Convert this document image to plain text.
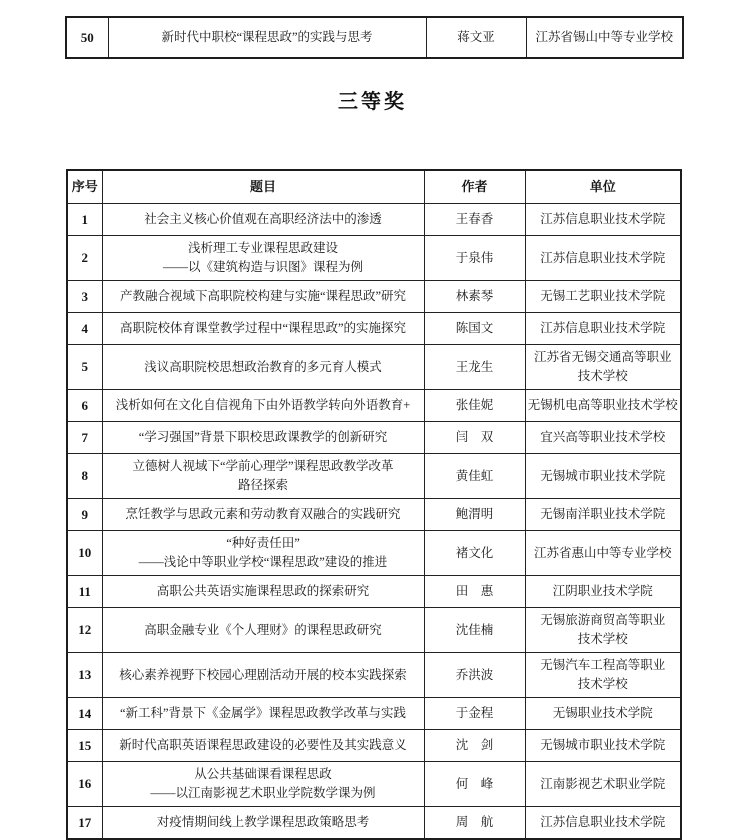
50	新时代中职校“课程思政”的实践与思考	蒋文亚	江苏省锡山中等专业学校
三等奖
序号	题目	作者	单位

1	社会主义核心价值观在高职经济法中的渗透	王春香	江苏信息职业技术学院

2	浅析理工专业课程思政建设
——以《建筑构造与识图》课程为例	于泉伟	江苏信息职业技术学院

3	产教融合视域下高职院校构建与实施“课程思政”研究	林素琴	无锡工艺职业技术学院

4	高职院校体育课堂教学过程中“课程思政”的实施探究	陈国文	江苏信息职业技术学院

5	浅议高职院校思想政治教育的多元育人模式	王龙生	江苏省无锡交通高等职业
技术学校

6	浅析如何在文化自信视角下由外语教学转向外语教育+	张佳妮	无锡机电高等职业技术学校

7	“学习强国”背景下职校思政课教学的创新研究	闫　双	宜兴高等职业技术学校

8	立德树人视域下“学前心理学”课程思政教学改革
路径探索	黄佳虹	无锡城市职业技术学院

9	烹饪教学与思政元素和劳动教育双融合的实践研究	鲍渭明	无锡南洋职业技术学院

10	“种好责任田”
——浅论中等职业学校“课程思政”建设的推进	褚文化	江苏省惠山中等专业学校

11	高职公共英语实施课程思政的探索研究	田　惠	江阴职业技术学院

12	高职金融专业《个人理财》的课程思政研究	沈佳楠	无锡旅游商贸高等职业
技术学校

13	核心素养视野下校园心理剧活动开展的校本实践探索	乔洪波	无锡汽车工程高等职业
技术学校

14	“新工科”背景下《金属学》课程思政教学改革与实践	于金程	无锡职业技术学院

15	新时代高职英语课程思政建设的必要性及其实践意义	沈　剑	无锡城市职业技术学院

16	从公共基础课看课程思政
——以江南影视艺术职业学院数学课为例	何　峰	江南影视艺术职业学院

17	对疫情期间线上教学课程思政策略思考	周　航	江苏信息职业技术学院
